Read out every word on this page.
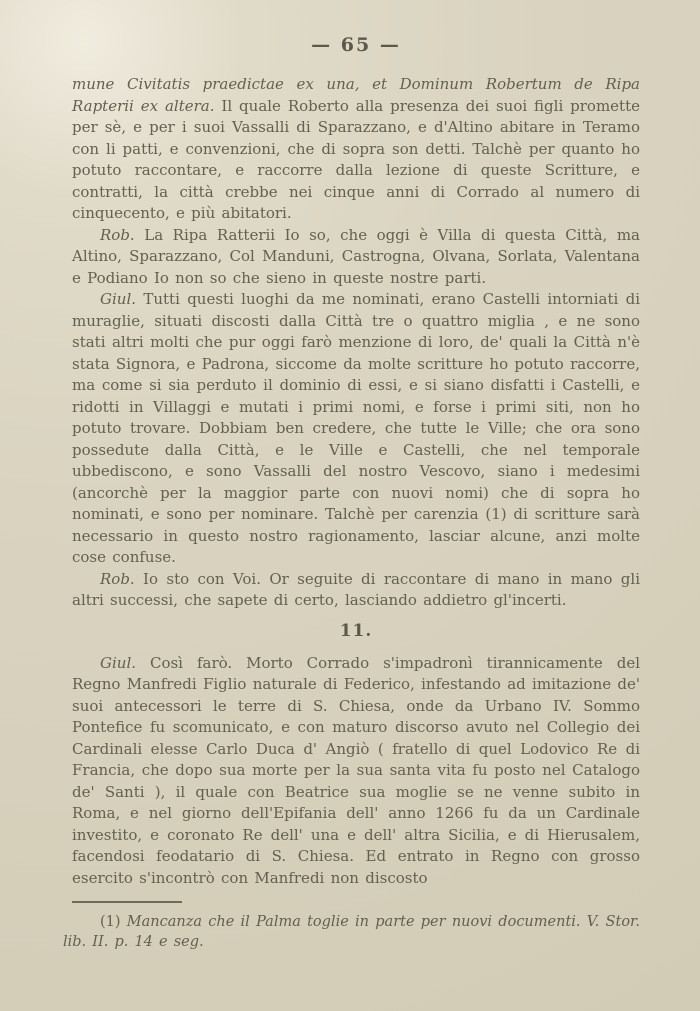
— 65 —

mune Civitatis praedictae ex una, et Dominum Robertum de Ripa Rapterii ex altera. Il quale Roberto alla presenza dei suoi figli promette per sè, e per i suoi Vassalli di Sparazzano, e d'Altino abitare in Teramo con li patti, e convenzioni, che di sopra son detti. Talchè per quanto ho potuto raccontare, e raccorre dalla lezione di queste Scritture, e contratti, la città crebbe nei cinque anni di Corrado al numero di cinquecento, e più abitatori.

Rob. La Ripa Ratterii Io so, che oggi è Villa di questa Città, ma Altino, Sparazzano, Col Manduni, Castrogna, Olvana, Sorlata, Valentana e Podiano Io non so che sieno in queste nostre parti.

Giul. Tutti questi luoghi da me nominati, erano Castelli intorniati di muraglie, situati discosti dalla Città tre o quattro miglia , e ne sono stati altri molti che pur oggi farò menzione di loro, de' quali la Città n'è stata Signora, e Padrona, siccome da molte scritture ho potuto raccorre, ma come si sia perduto il dominio di essi, e si siano disfatti i Castelli, e ridotti in Villaggi e mutati i primi nomi, e forse i primi siti, non ho potuto trovare. Dobbiam ben credere, che tutte le Ville; che ora sono possedute dalla Città, e le Ville e Castelli, che nel temporale ubbediscono, e sono Vassalli del nostro Vescovo, siano i medesimi (ancorchè per la maggior parte con nuovi nomi) che di sopra ho nominati, e sono per nominare. Talchè per carenzia (1) di scritture sarà necessario in questo nostro ragionamento, lasciar alcune, anzi molte cose confuse.

Rob. Io sto con Voi. Or seguite di raccontare di mano in mano gli altri successi, che sapete di certo, lasciando addietro gl'incerti.

11.

Giul. Così farò. Morto Corrado s'impadronì tirannicamente del Regno Manfredi Figlio naturale di Federico, infestando ad imitazione de' suoi antecessori le terre di S. Chiesa, onde da Urbano IV. Sommo Pontefice fu scomunicato, e con maturo discorso avuto nel Collegio dei Cardinali elesse Carlo Duca d' Angiò ( fratello di quel Lodovico Re di Francia, che dopo sua morte per la sua santa vita fu posto nel Catalogo de' Santi ), il quale con Beatrice sua moglie se ne venne subito in Roma, e nel giorno dell'Epifania dell' anno 1266 fu da un Cardinale investito, e coronato Re dell' una e dell' altra Sicilia, e di Hierusalem, facendosi feodatario di S. Chiesa. Ed entrato in Regno con grosso esercito s'incontrò con Manfredi non discosto

(1) Mancanza che il Palma toglie in parte per nuovi documenti. V. Stor. lib. II. p. 14 e seg.
